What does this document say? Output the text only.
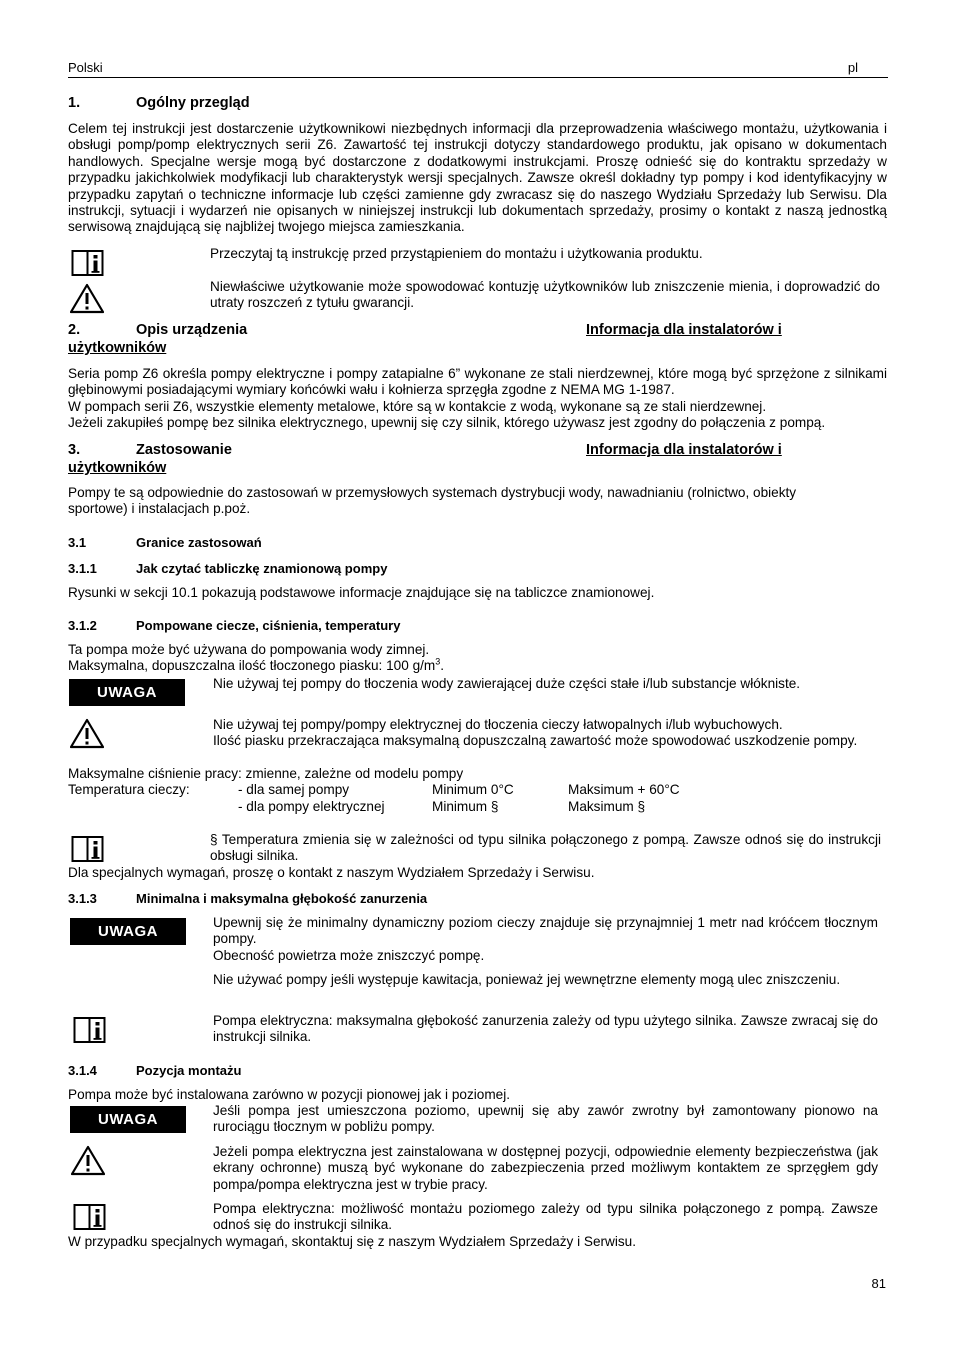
Polski	pl
1.	Ogólny przegląd
Celem tej instrukcji jest dostarczenie użytkownikowi niezbędnych informacji dla przeprowadzenia właściwego montażu, użytkowania i obsługi pomp/pomp elektrycznych serii Z6. Zawartość tej instrukcji dotyczy standardowego produktu, jak opisano w dokumentach handlowych. Specjalne wersje mogą być dostarczone z dodatkowymi instrukcjami. Proszę odnieść się do kontraktu sprzedaży w przypadku jakichkolwiek modyfikacji lub charakterystyk wersji specjalnych. Zawsze określ dokładny typ pompy i kod identyfikacyjny w przypadku zapytań o techniczne informacje lub części zamienne gdy zwracasz się do naszego Wydziału Sprzedaży lub Serwisu. Dla instrukcji, sytuacji i wydarzeń nie opisanych w niniejszej instrukcji lub dokumentach sprzedaży, prosimy o kontakt z naszą jednostką serwisową znajdującą się najbliżej twojego miejsca zamieszkania.
Przeczytaj tą instrukcję przed przystąpieniem do montażu i użytkowania produktu.
Niewłaściwe użytkowanie może spowodować kontuzję użytkowników lub zniszczenie mienia, i doprowadzić do utraty roszczeń z tytułu gwarancji.
2.	Opis urządzenia	Informacja dla instalatorów i
użytkowników
Seria pomp Z6 określa pompy elektryczne i pompy zatapialne 6” wykonane ze stali nierdzewnej, które mogą być sprzężone z silnikami głębinowymi posiadającymi wymiary końcówki wału i kołnierza sprzęgła zgodne z NEMA MG 1-1987.
W pompach serii Z6, wszystkie elementy metalowe, które są w kontakcie z wodą, wykonane są ze stali nierdzewnej.
Jeżeli zakupiłeś pompę bez silnika elektrycznego, upewnij się czy silnik, którego używasz jest zgodny do połączenia z pompą.
3.	Zastosowanie	Informacja dla instalatorów i
użytkowników
Pompy te są odpowiednie do zastosowań w przemysłowych systemach dystrybucji wody, nawadnianiu (rolnictwo, obiekty sportowe) i instalacjach p.poż.
3.1	Granice zastosowań
3.1.1	Jak czytać tabliczkę znamionową pompy
Rysunki w sekcji 10.1 pokazują podstawowe informacje znajdujące się na tabliczce znamionowej.
3.1.2	Pompowane ciecze, ciśnienia, temperatury
Ta pompa może być używana do pompowania wody zimnej.
Maksymalna, dopuszczalna ilość tłoczonego piasku: 100 $g/m^3$.
UWAGA
Nie używaj tej pompy do tłoczenia wody zawierającej duże części stałe i/lub substancje włókniste.
Nie używaj tej pompy/pompy elektrycznej do tłoczenia cieczy łatwopalnych i/lub wybuchowych.
Ilość piasku przekraczająca maksymalną dopuszczalną zawartość może spowodować uszkodzenie pompy.
Maksymalne ciśnienie pracy: zmienne, zależne od modelu pompy
Temperatura cieczy:	- dla samej pompy	Minimum 0°C	Maksimum + 60°C
- dla pompy elektrycznej	Minimum §	Maksimum §
§ Temperatura zmienia się w zależności od typu silnika połączonego z pompą. Zawsze odnoś się do instrukcji obsługi silnika.
Dla specjalnych wymagań, proszę o kontakt z naszym Wydziałem Sprzedaży i Serwisu.
3.1.3	Minimalna i maksymalna głębokość zanurzenia
UWAGA
Upewnij się że minimalny dynamiczny poziom cieczy znajduje się przynajmniej 1 metr nad króćcem tłocznym pompy.
Obecność powietrza może zniszczyć pompę.
Nie używać pompy jeśli występuje kawitacja, ponieważ jej wewnętrzne elementy mogą ulec zniszczeniu.
Pompa elektryczna: maksymalna głębokość zanurzenia zależy od typu użytego silnika. Zawsze zwracaj się do instrukcji silnika.
3.1.4	Pozycja montażu
Pompa może być instalowana zarówno w pozycji pionowej jak i poziomej.
UWAGA
Jeśli pompa jest umieszczona poziomo, upewnij się aby zawór zwrotny był zamontowany pionowo na rurociągu tłocznym w pobliżu pompy.
Jeżeli pompa elektryczna jest zainstalowana w dostępnej pozycji, odpowiednie elementy bezpieczeństwa (jak ekrany ochronne) muszą być wykonane do zabezpieczenia przed możliwym kontaktem ze sprzęgłem gdy pompa/pompa elektryczna jest w trybie pracy.
Pompa elektryczna: możliwość montażu poziomego zależy od typu silnika połączonego z pompą. Zawsze odnoś się do instrukcji silnika.
W przypadku specjalnych wymagań, skontaktuj się z naszym Wydziałem Sprzedaży i Serwisu.
81
